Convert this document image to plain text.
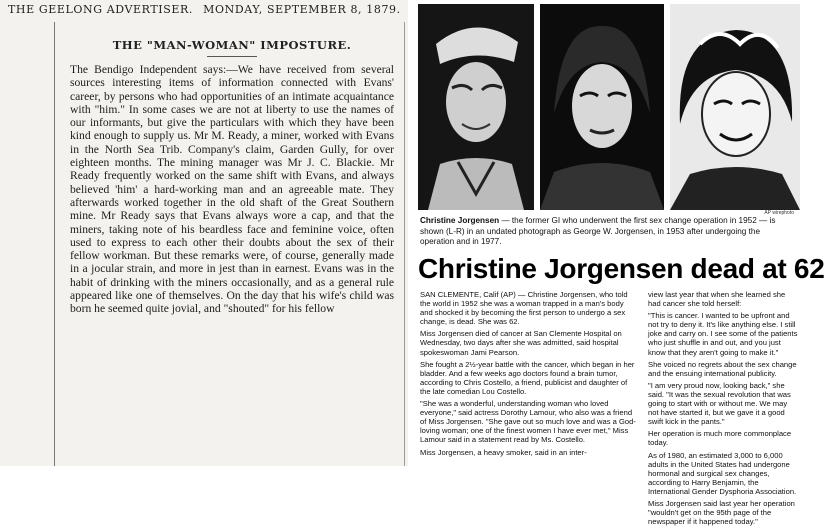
THE GEELONG ADVERTISER. MONDAY, SEPTEMBER 8, 1879.
THE "MAN-WOMAN" IMPOSTURE.

The Bendigo Independent says:—We have received from several sources interesting items of information connected with Evans' career, by persons who had opportunities of an intimate acquaintance with "him." In some cases we are not at liberty to use the names of our informants, but give the particulars with which they have been kind enough to supply us. Mr M. Ready, a miner, worked with Evans in the North Sea Trib. Company's claim, Garden Gully, for over eighteen months. The mining manager was Mr J. C. Blackie. Mr Ready frequently worked on the same shift with Evans, and always believed 'him' a hard-working man and an agreeable mate. They afterwards worked together in the old shaft of the Great Southern mine. Mr Ready says that Evans always wore a cap, and that the miners, taking note of his beardless face and feminine voice, often used to express to each other their doubts about the sex of their fellow workman. But these remarks were, of course, generally made in a jocular strain, and more in jest than in earnest. Evans was in the habit of drinking with the miners occasionally, and as a general rule appeared like one of themselves. On the day that his wife's child was born he seemed quite jovial, and "shouted" for his fellow

AP wirephoto
Christine Jorgensen — the former GI who underwent the first sex change operation in 1952 — is shown (L-R) in an undated photograph as George W. Jorgensen, in 1953 after undergoing the operation and in 1977.
Christine Jorgensen dead at 62

SAN CLEMENTE, Calif (AP) — Christine Jorgensen, who told the world in 1952 she was a woman trapped in a man's body and shocked it by becoming the first person to undergo a sex change, is dead. She was 62.

Miss Jorgensen died of cancer at San Clemente Hospital on Wednesday, two days after she was admitted, said hospital spokeswoman Jami Pearson.

She fought a 2½-year battle with the cancer, which began in her bladder. And a few weeks ago doctors found a brain tumor, according to Chris Costello, a friend, publicist and daughter of the late comedian Lou Costello.

"She was a wonderful, understanding woman who loved everyone," said actress Dorothy Lamour, who also was a friend of Miss Jorgensen. "She gave out so much love and was a God-loving woman; one of the finest women I have ever met," Miss Lamour said in a statement read by Ms. Costello.

Miss Jorgensen, a heavy smoker, said in an inter-

view last year that when she learned she had cancer she told herself:

"This is cancer. I wanted to be upfront and not try to deny it. It's like anything else. I still joke and carry on. I see some of the patients who just shuffle in and out, and you just know that they aren't going to make it."

She voiced no regrets about the sex change and the ensuing international publicity.

"I am very proud now, looking back," she said. "It was the sexual revolution that was going to start with or without me. We may not have started it, but we gave it a good swift kick in the pants."

Her operation is much more commonplace today.

As of 1980, an estimated 3,000 to 6,000 adults in the United States had undergone hormonal and surgical sex changes, according to Harry Benjamin, the International Gender Dysphoria Association.

Miss Jorgensen said last year her operation "wouldn't get on the 95th page of the newspaper if it happened today."
